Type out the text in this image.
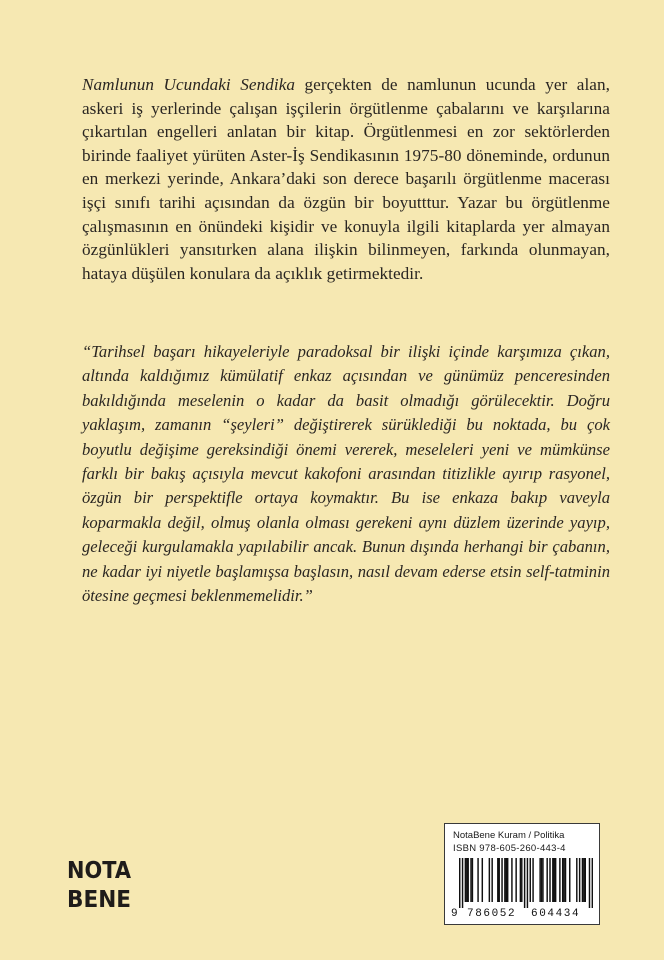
Namlunun Ucundaki Sendika gerçekten de namlunun ucunda yer alan, askeri iş yerlerinde çalışan işçilerin örgütlenme çabalarını ve karşılarına çıkartılan engelleri anlatan bir kitap. Örgütlenmesi en zor sektörlerden birinde faaliyet yürüten Aster-İş Sendikasının 1975-80 döneminde, ordunun en merkezi yerinde, Ankara’daki son derece başarılı örgütlenme macerası işçi sınıfı tarihi açısından da özgün bir boyutttur. Yazar bu örgütlenme çalışmasının en önündeki kişidir ve konuyla ilgili kitaplarda yer almayan özgünlükleri yansıtırken alana ilişkin bilinmeyen, farkında olunmayan, hataya düşülen konulara da açıklık getirmektedir.

“Tarihsel başarı hikayeleriyle paradoksal bir ilişki içinde karşımıza çıkan, altında kaldığımız kümülatif enkaz açısından ve günümüz penceresinden bakıldığında meselenin o kadar da basit olmadığı görülecektir. Doğru yaklaşım, zamanın “şeyleri” değiştirerek sürüklediği bu noktada, bu çok boyutlu değişime gereksindiği önemi vererek, meseleleri yeni ve mümkünse farklı bir bakış açısıyla mevcut kakofoni arasından titizlikle ayırıp rasyonel, özgün bir perspektifle ortaya koymaktır. Bu ise enkaza bakıp vaveyla koparmakla değil, olmuş olanla olması gerekeni aynı düzlem üzerinde yayıp, geleceği kurgulamakla yapılabilir ancak. Bunun dışında herhangi bir çabanın, ne kadar iyi niyetle başlamışsa başlasın, nasıl devam ederse etsin self-tatminin ötesine geçmesi beklenmemelidir.”

NOTA
BENE
NotaBene Kuram / Politika
ISBN 978-605-260-443-4
9 786052 604434
